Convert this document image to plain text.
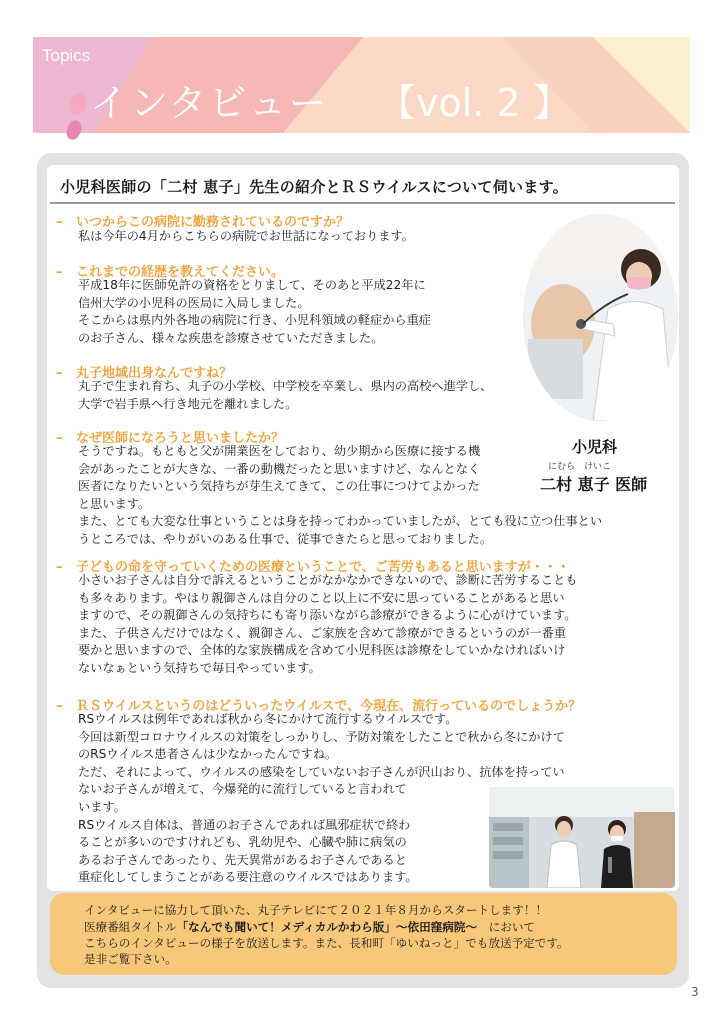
Topics
インタビュー 【vol. 2 】
小児科医師の「二村 恵子」先生の紹介とＲＳウイルスについて伺います。
– いつからこの病院に勤務されているのですか？
私は今年の4月からこちらの病院でお世話になっております。
– これまでの経歴を教えてください。
平成18年に医師免許の資格をとりまして、そのあと平成22年に
信州大学の小児科の医局に入局しました。
そこからは県内外各地の病院に行き、小児科領域の軽症から重症
のお子さん、様々な疾患を診療させていただきました。
– 丸子地域出身なんですね？
丸子で生まれ育ち、丸子の小学校、中学校を卒業し、県内の高校へ進学し、
大学で岩手県へ行き地元を離れました。
– なぜ医師になろうと思いましたか？
そうですね。もともと父が開業医をしており、幼少期から医療に接する機
会があったことが大きな、一番の動機だったと思いますけど、なんとなく
医者になりたいという気持ちが芽生えてきて、この仕事につけてよかった
と思います。
また、とても大変な仕事ということは身を持ってわかっていましたが、とても役に立つ仕事とい
うところでは、やりがいのある仕事で、従事できたらと思っておりました。
– 子どもの命を守っていくための医療ということで、ご苦労もあると思いますが・・・
小さいお子さんは自分で訴えるということがなかなかできないので、診断に苦労することも
も多々あります。やはり親御さんは自分のこと以上に不安に思っていることがあると思い
ますので、その親御さんの気持ちにも寄り添いながら診療ができるように心がけています。
また、子供さんだけではなく、親御さん、ご家族を含めて診療ができるというのが一番重
要かと思いますので、全体的な家族構成を含めて小児科医は診療をしていかなければいけ
ないなぁという気持ちで毎日やっています。
– ＲＳウイルスというのはどういったウイルスで、今現在、流行っているのでしょうか？
RSウイルスは例年であれば秋から冬にかけて流行するウイルスです。
今回は新型コロナウイルスの対策をしっかりし、予防対策をしたことで秋から冬にかけて
のRSウイルス患者さんは少なかったんですね。
ただ、それによって、ウイルスの感染をしていないお子さんが沢山おり、抗体を持ってい
ないお子さんが増えて、今爆発的に流行していると言われて
います。
RSウイルス自体は、普通のお子さんであれば風邪症状で終わ
ることが多いのですけれども、乳幼児や、心臓や肺に病気の
あるお子さんであったり、先天異常があるお子さんであると
重症化してしまうことがある要注意のウイルスではあります。
小児科
にむら　けいこ
二村 恵子 医師
インタビューに協力して頂いた、丸子テレビにて２０２１年８月からスタートします！！
医療番組タイトル「なんでも聞いて！メディカルかわら版」～依田窪病院～　において
こちらのインタビューの様子を放送します。また、長和町「ゆいねっと」でも放送予定です。
是非ご覧下さい。
3
